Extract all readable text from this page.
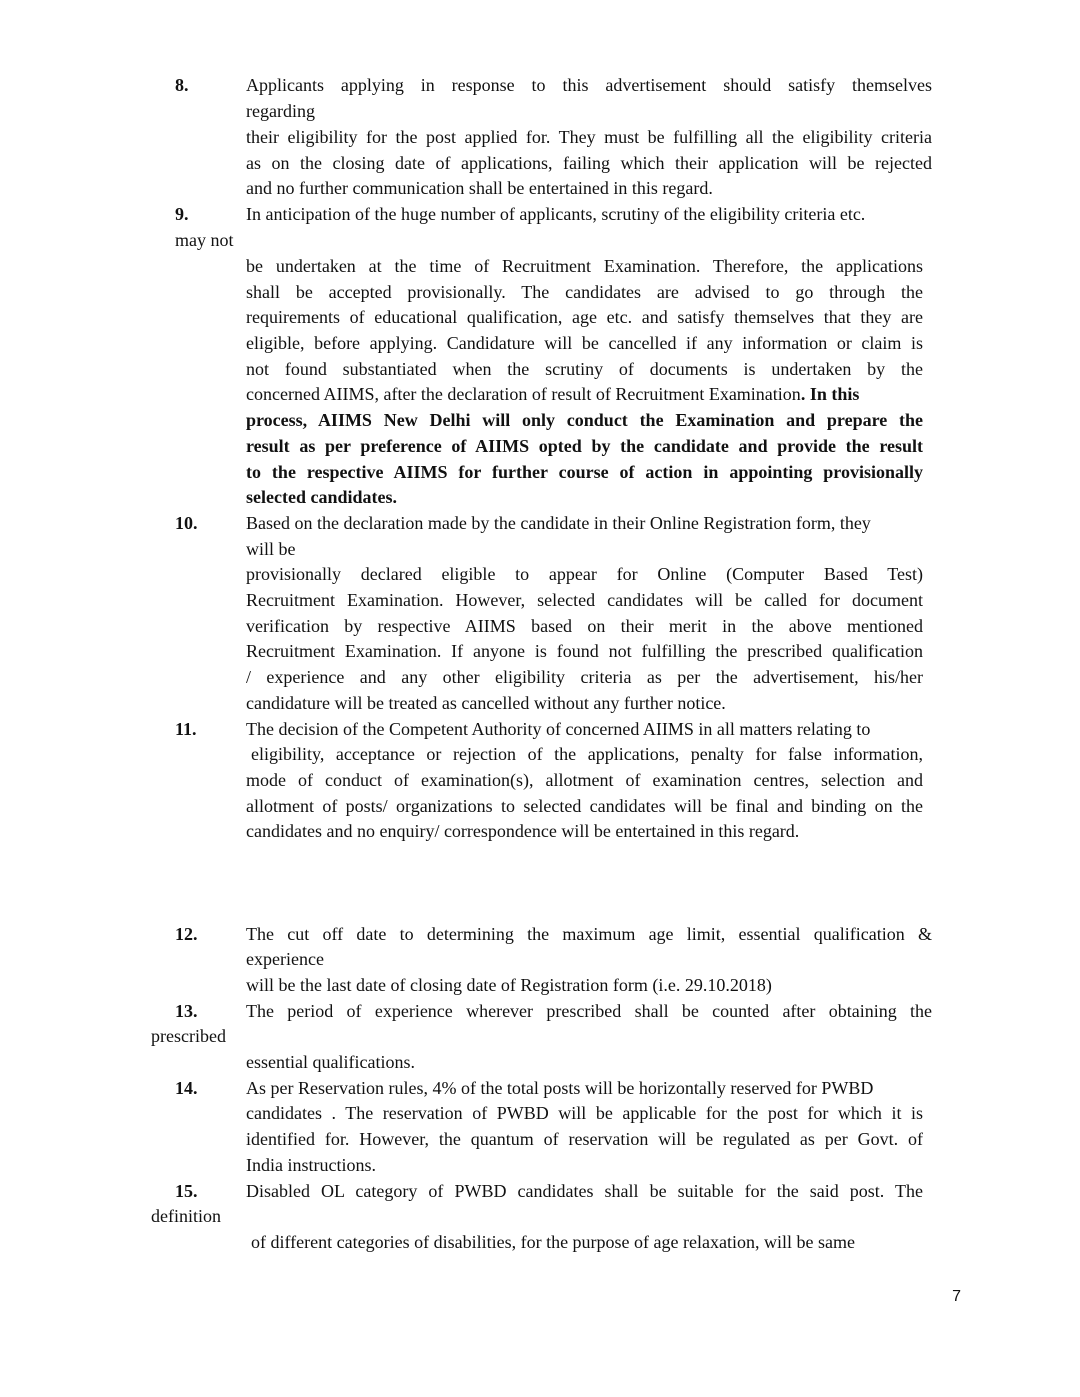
8.	Applicants applying in response to this advertisement should satisfy themselves
regarding
their eligibility for the post applied for. They must be fulfilling all the eligibility criteria
as on the closing date of applications, failing which their application will be rejected
and no further communication shall be entertained in this regard.
9.	In anticipation of the huge number of applicants, scrutiny of the eligibility criteria etc.
may not
be undertaken at the time of Recruitment Examination. Therefore, the applications
shall be accepted provisionally. The candidates are advised to go through the
requirements of educational qualification, age etc. and satisfy themselves that they are
eligible, before applying. Candidature will be cancelled if any information or claim is
not found substantiated when the scrutiny of documents is undertaken by the
concerned AIIMS, after the declaration of result of Recruitment Examination. In this
process, AIIMS New Delhi will only conduct the Examination and prepare the
result as per preference of AIIMS opted by the candidate and provide the result
to the respective AIIMS for further course of action in appointing provisionally
selected candidates.
10.	Based on the declaration made by the candidate in their Online Registration form, they
will be
provisionally declared eligible to appear for Online (Computer Based Test)
Recruitment Examination. However, selected candidates will be called for document
verification by respective AIIMS based on their merit in the above mentioned
Recruitment Examination. If anyone is found not fulfilling the prescribed qualification
/ experience and any other eligibility criteria as per the advertisement, his/her
candidature will be treated as cancelled without any further notice.
11.	The decision of the Competent Authority of concerned AIIMS in all matters relating to
eligibility, acceptance or rejection of the applications, penalty for false information,
mode of conduct of examination(s), allotment of examination centres, selection and
allotment of posts/ organizations to selected candidates will be final and binding on the
candidates and no enquiry/ correspondence will be entertained in this regard.
12.	The cut off date to determining the maximum age limit, essential qualification &
experience
will be the last date of closing date of Registration form (i.e. 29.10.2018)
13.	The period of experience wherever prescribed shall be counted after obtaining the
prescribed
essential qualifications.
14.	As per Reservation rules, 4% of the total posts will be horizontally reserved for PWBD
candidates . The reservation of PWBD will be applicable for the post for which it is
identified for. However, the quantum of reservation will be regulated as per Govt. of
India instructions.
15.	Disabled OL category of PWBD candidates shall be suitable for the said post. The
definition
of different categories of disabilities, for the purpose of age relaxation, will be same
7
